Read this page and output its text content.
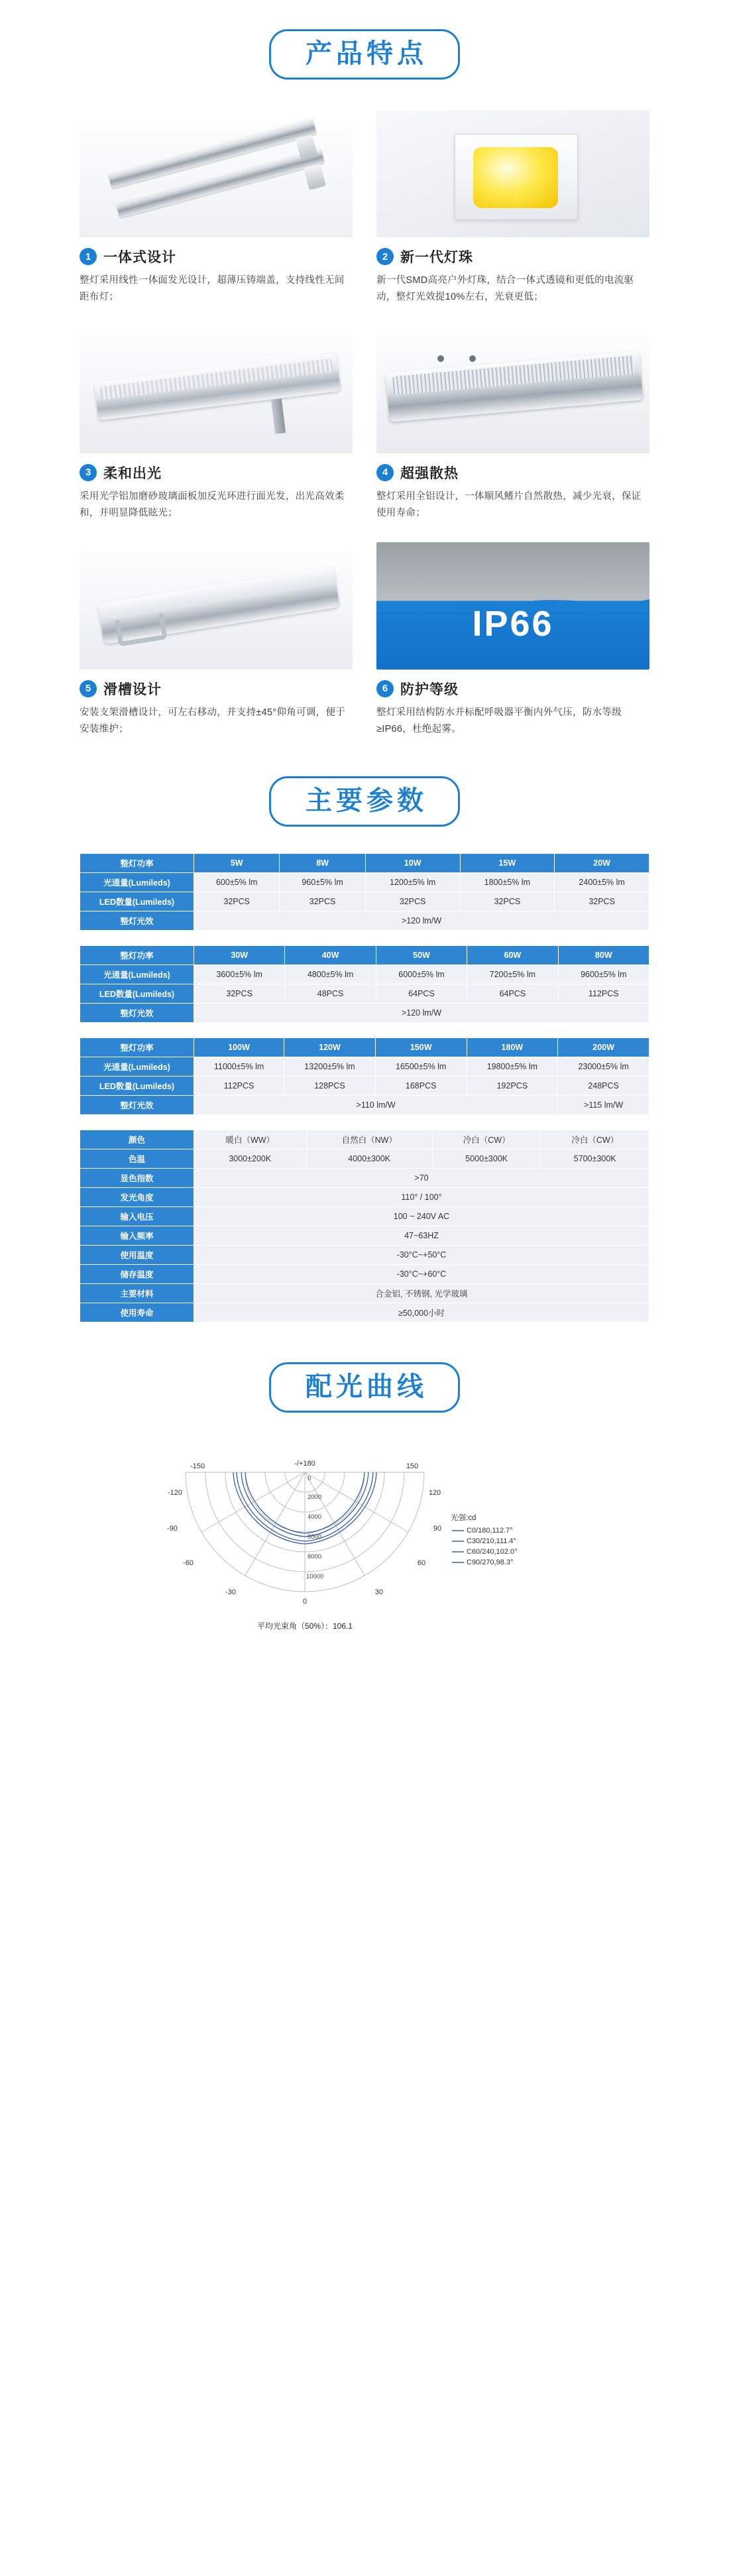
产品特点
1 一体式设计
整灯采用线性一体面发光设计，超薄压铸端盖，支持线性无间距布灯；
2 新一代灯珠
新一代SMD高亮户外灯珠，结合一体式透镜和更低的电流驱动，整灯光效提10%左右，光衰更低；
3 柔和出光
采用光学铝加磨砂玻璃面板加反光环进行面光发，出光高效柔和，并明显降低眩光；
4 超强散热
整灯采用全铝设计，一体顺风鳍片自然散热，减少光衰，保证使用寿命；
5 滑槽设计
安装支架滑槽设计，可左右移动，并支持±45°仰角可调，便于安装维护；
IP66
6 防护等级
整灯采用结构防水并标配呼吸器平衡内外气压，防水等级≥IP66，杜绝起雾。
主要参数
整灯功率	5W	8W	10W	15W	20W
光通量(Lumileds)	600±5% lm	960±5% lm	1200±5% lm	1800±5% lm	2400±5% lm
LED数量(Lumileds)	32PCS	32PCS	32PCS	32PCS	32PCS
整灯光效	>120 lm/W				
整灯功率	30W	40W	50W	60W	80W
光通量(Lumileds)	3600±5% lm	4800±5% lm	6000±5% lm	7200±5% lm	9600±5% lm
LED数量(Lumileds)	32PCS	48PCS	64PCS	64PCS	112PCS
整灯光效	>120 lm/W				
整灯功率	100W	120W	150W	180W	200W
光通量(Lumileds)	11000±5% lm	13200±5% lm	16500±5% lm	19800±5% lm	23000±5% lm
LED数量(Lumileds)	112PCS	128PCS	168PCS	192PCS	248PCS
整灯光效	>110 lm/W				>115 lm/W
颜色	暖白（WW）	自然白（NW）	冷白（CW）	冷白（CW）
色温	3000±200K	4000±300K	5000±300K	5700±300K
显色指数	>70			
发光角度	110° / 100°			
输入电压	100 ~ 240V AC			
输入频率	47~63HZ			
使用温度	-30°C~+50°C			
储存温度	-30°C~+60°C			
主要材料	合金铝, 不锈钢, 光学玻璃			
使用寿命	≥50,000小时			
配光曲线
-/+180
-150	150
-120	120
-90	90
-60	60
-30	30
0
0
2000
4000
6000
8000
10000
平均光束角（50%）：106.1
光强:cd
C0/180,112.7°
C30/210,111.4°
C60/240,102.0°
C90/270,98.3°
